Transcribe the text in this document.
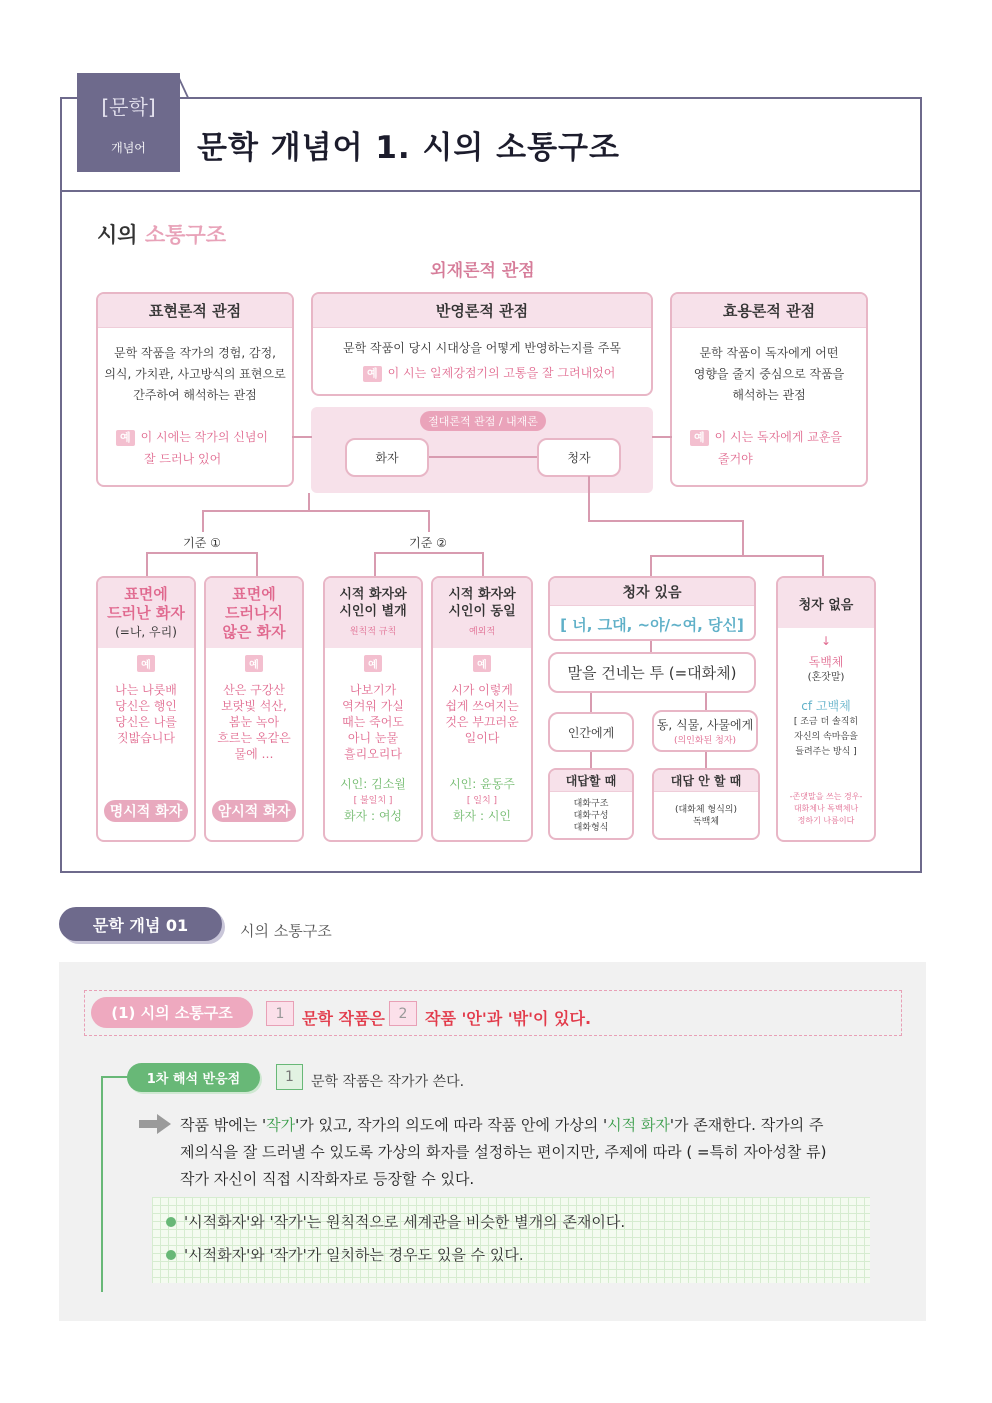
[문학]
개념어	문학 개념어 1. 시의 소통구조
시의 소통구조
외재론적 관점
표현론적 관점
문학 작품을 작가의 경험, 감정,
의식, 가치관, 사고방식의 표현으로
간주하여 해석하는 관점
예 이 시에는 작가의 신념이
잘 드러나 있어
반영론적 관점
문학 작품이 당시 시대상을 어떻게 반영하는지를 주목
예 이 시는 일제강점기의 고통을 잘 그려내었어
효용론적 관점
문학 작품이 독자에게 어떤
영향을 줄지 중심으로 작품을
해석하는 관점
예 이 시는 독자에게 교훈을
줄거야
절대론적 관점 / 내재론
화자	청자
기준 ①	기준 ②
표면에
드러난 화자
(=나, 우리)
예
나는 나룻배
당신은 행인
당신은 나를
짓밟습니다
명시적 화자
표면에
드러나지
않은 화자
예
산은 구강산
보랏빛 석산,
봄눈 녹아
흐르는 옥같은
물에 …
암시적 화자
시적 화자와
시인이 별개
원칙적 규칙
예
나보기가
역겨워 가실
때는 죽어도
아니 눈물
흘리오리다
시인: 김소월
[ 불일치 ]
화자 : 여성
시적 화자와
시인이 동일
예외적
예
시가 이렇게
쉽게 쓰여지는
것은 부끄러운
일이다
시인: 윤동주
[ 일치 ]
화자 : 시인
청자 있음
[ 너, 그대, ~야/~여, 당신]
말을 건네는 투 (=대화체)
인간에게
동, 식물, 사물에게
(의인화된 청자)
대답할 때
대화구조
대화구성
대화형식
대답 안 할 때
(대화체 형식의)
독백체
청자 없음
↓
독백체
(혼잣말)
cf 고백체
[ 조금 더 솔직히
자신의 속마음을
들려주는 방식 ]
-존댓말을 쓰는 경우-
대화체나 독백체나
정하기 나름이다
문학 개념 01	시의 소통구조
(1) 시의 소통구조	1	문학 작품은 2	작품 '안'과 '밖'이 있다.
1차 해석 반응점	1	문학 작품은 작가가 쓴다.
작품 밖에는 '작가'가 있고, 작가의 의도에 따라 작품 안에 가상의 '시적 화자'가 존재한다. 작가의 주
제의식을 잘 드러낼 수 있도록 가상의 화자를 설정하는 편이지만, 주제에 따라 ( =특히 자아성찰 류)
작가 자신이 직접 시작화자로 등장할 수 있다.
'시적화자'와 '작가'는 원칙적으로 세계관을 비슷한 별개의 존재이다.
'시적화자'와 '작가'가 일치하는 경우도 있을 수 있다.
